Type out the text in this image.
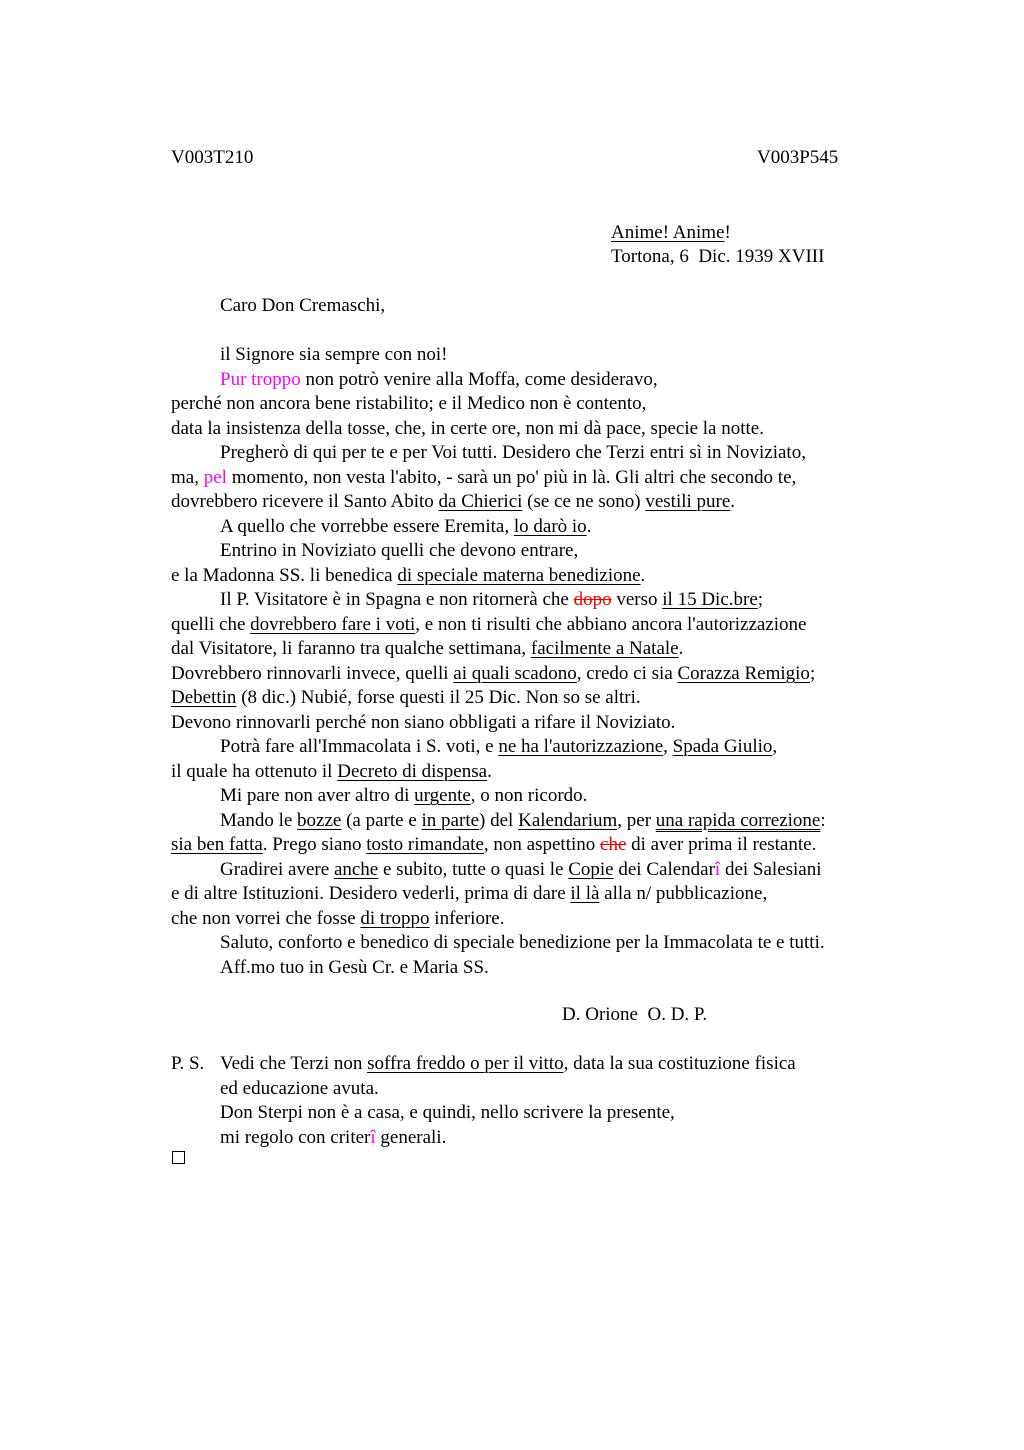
V003T210	V003P545
Anime! Anime!
Tortona, 6  Dic. 1939 XVIII
Caro Don Cremaschi,
il Signore sia sempre con noi!
Pur troppo non potrò venire alla Moffa, come desideravo,
perché non ancora bene ristabilito; e il Medico non è contento,
data la insistenza della tosse, che, in certe ore, non mi dà pace, specie la notte.
Pregherò di qui per te e per Voi tutti. Desidero che Terzi entri sì in Noviziato,
ma, pel momento, non vesta l'abito, - sarà un po' più in là. Gli altri che secondo te,
dovrebbero ricevere il Santo Abito da Chierici (se ce ne sono) vestili pure.
A quello che vorrebbe essere Eremita, lo darò io.
Entrino in Noviziato quelli che devono entrare,
e la Madonna SS. li benedica di speciale materna benedizione.
Il P. Visitatore è in Spagna e non ritornerà che dopo verso il 15 Dic.bre;
quelli che dovrebbero fare i voti, e non ti risulti che abbiano ancora l'autorizzazione
dal Visitatore, li faranno tra qualche settimana, facilmente a Natale.
Dovrebbero rinnovarli invece, quelli ai quali scadono, credo ci sia Corazza Remigio;
Debettin (8 dic.) Nubié, forse questi il 25 Dic. Non so se altri.
Devono rinnovarli perché non siano obbligati a rifare il Noviziato.
Potrà fare all'Immacolata i S. voti, e ne ha l'autorizzazione, Spada Giulio,
il quale ha ottenuto il Decreto di dispensa.
Mi pare non aver altro di urgente, o non ricordo.
Mando le bozze (a parte e in parte) del Kalendarium, per una rapida correzione:
sia ben fatta. Prego siano tosto rimandate, non aspettino che di aver prima il restante.
Gradirei avere anche e subito, tutte o quasi le Copie dei Calendarî dei Salesiani
e di altre Istituzioni. Desidero vederli, prima di dare il là alla n/ pubblicazione,
che non vorrei che fosse di troppo inferiore.
Saluto, conforto e benedico di speciale benedizione per la Immacolata te e tutti.
Aff.mo tuo in Gesù Cr. e Maria SS.
D. Orione  O. D. P.
P. S. Vedi che Terzi non soffra freddo o per il vitto, data la sua costituzione fisica
ed educazione avuta.
Don Sterpi non è a casa, e quindi, nello scrivere la presente,
mi regolo con criterî generali.
